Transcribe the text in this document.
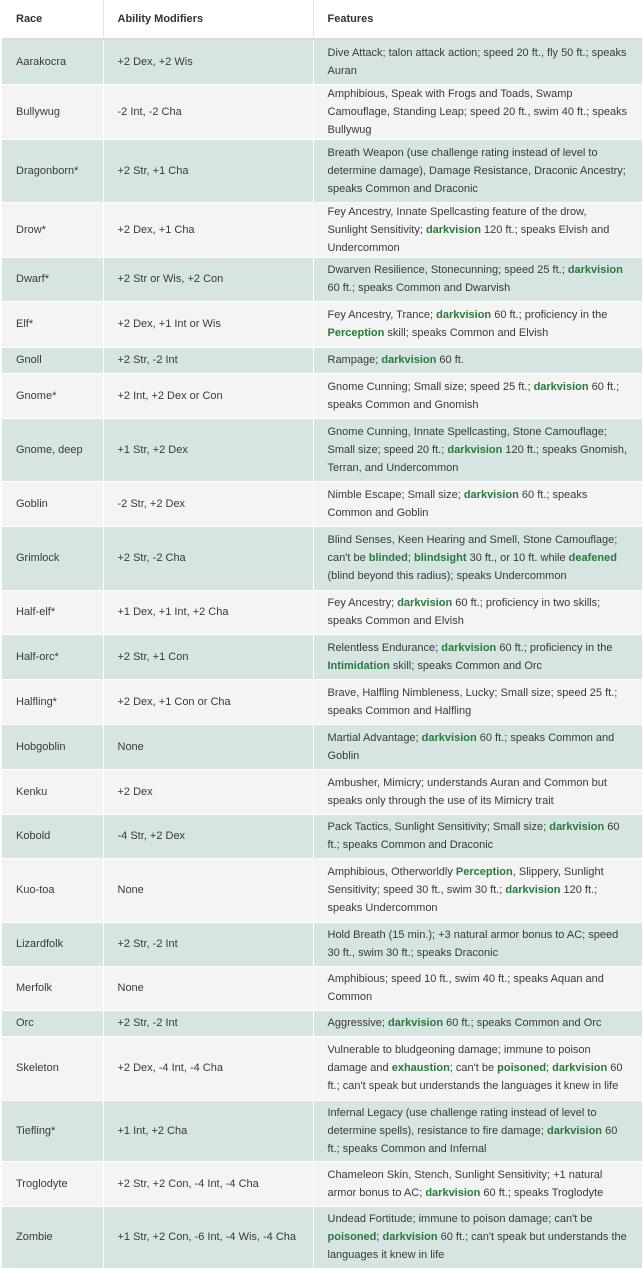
Race	Ability Modifiers	Features
Aarakocra	+2 Dex, +2 Wis	Dive Attack; talon attack action; speed 20 ft., fly 50 ft.; speaks Auran
Bullywug	-2 Int, -2 Cha	Amphibious, Speak with Frogs and Toads, Swamp Camouflage, Standing Leap; speed 20 ft., swim 40 ft.; speaks Bullywug
Dragonborn*	+2 Str, +1 Cha	Breath Weapon (use challenge rating instead of level to determine damage), Damage Resistance, Draconic Ancestry; speaks Common and Draconic
Drow*	+2 Dex, +1 Cha	Fey Ancestry, Innate Spellcasting feature of the drow, Sunlight Sensitivity; darkvision 120 ft.; speaks Elvish and Undercommon
Dwarf*	+2 Str or Wis, +2 Con	Dwarven Resilience, Stonecunning; speed 25 ft.; darkvision 60 ft.; speaks Common and Dwarvish
Elf*	+2 Dex, +1 Int or Wis	Fey Ancestry, Trance; darkvision 60 ft.; proficiency in the Perception skill; speaks Common and Elvish
Gnoll	+2 Str, -2 Int	Rampage; darkvision 60 ft.
Gnome*	+2 Int, +2 Dex or Con	Gnome Cunning; Small size; speed 25 ft.; darkvision 60 ft.; speaks Common and Gnomish
Gnome, deep	+1 Str, +2 Dex	Gnome Cunning, Innate Spellcasting, Stone Camouflage; Small size; speed 20 ft.; darkvision 120 ft.; speaks Gnomish, Terran, and Undercommon
Goblin	-2 Str, +2 Dex	Nimble Escape; Small size; darkvision 60 ft.; speaks Common and Goblin
Grimlock	+2 Str, -2 Cha	Blind Senses, Keen Hearing and Smell, Stone Camouflage; can't be blinded; blindsight 30 ft., or 10 ft. while deafened (blind beyond this radius); speaks Undercommon
Half-elf*	+1 Dex, +1 Int, +2 Cha	Fey Ancestry; darkvision 60 ft.; proficiency in two skills; speaks Common and Elvish
Half-orc*	+2 Str, +1 Con	Relentless Endurance; darkvision 60 ft.; proficiency in the Intimidation skill; speaks Common and Orc
Halfling*	+2 Dex, +1 Con or Cha	Brave, Halfling Nimbleness, Lucky; Small size; speed 25 ft.; speaks Common and Halfling
Hobgoblin	None	Martial Advantage; darkvision 60 ft.; speaks Common and Goblin
Kenku	+2 Dex	Ambusher, Mimicry; understands Auran and Common but speaks only through the use of its Mimicry trait
Kobold	-4 Str, +2 Dex	Pack Tactics, Sunlight Sensitivity; Small size; darkvision 60 ft.; speaks Common and Draconic
Kuo-toa	None	Amphibious, Otherworldly Perception, Slippery, Sunlight Sensitivity; speed 30 ft., swim 30 ft.; darkvision 120 ft.; speaks Undercommon
Lizardfolk	+2 Str, -2 Int	Hold Breath (15 min.); +3 natural armor bonus to AC; speed 30 ft., swim 30 ft.; speaks Draconic
Merfolk	None	Amphibious; speed 10 ft., swim 40 ft.; speaks Aquan and Common
Orc	+2 Str, -2 Int	Aggressive; darkvision 60 ft.; speaks Common and Orc
Skeleton	+2 Dex, -4 Int, -4 Cha	Vulnerable to bludgeoning damage; immune to poison damage and exhaustion; can't be poisoned; darkvision 60 ft.; can't speak but understands the languages it knew in life
Tiefling*	+1 Int, +2 Cha	Infernal Legacy (use challenge rating instead of level to determine spells), resistance to fire damage; darkvision 60 ft.; speaks Common and Infernal
Troglodyte	+2 Str, +2 Con, -4 Int, -4 Cha	Chameleon Skin, Stench, Sunlight Sensitivity; +1 natural armor bonus to AC; darkvision 60 ft.; speaks Troglodyte
Zombie	+1 Str, +2 Con, -6 Int, -4 Wis, -4 Cha	Undead Fortitude; immune to poison damage; can't be poisoned; darkvision 60 ft.; can't speak but understands the languages it knew in life
